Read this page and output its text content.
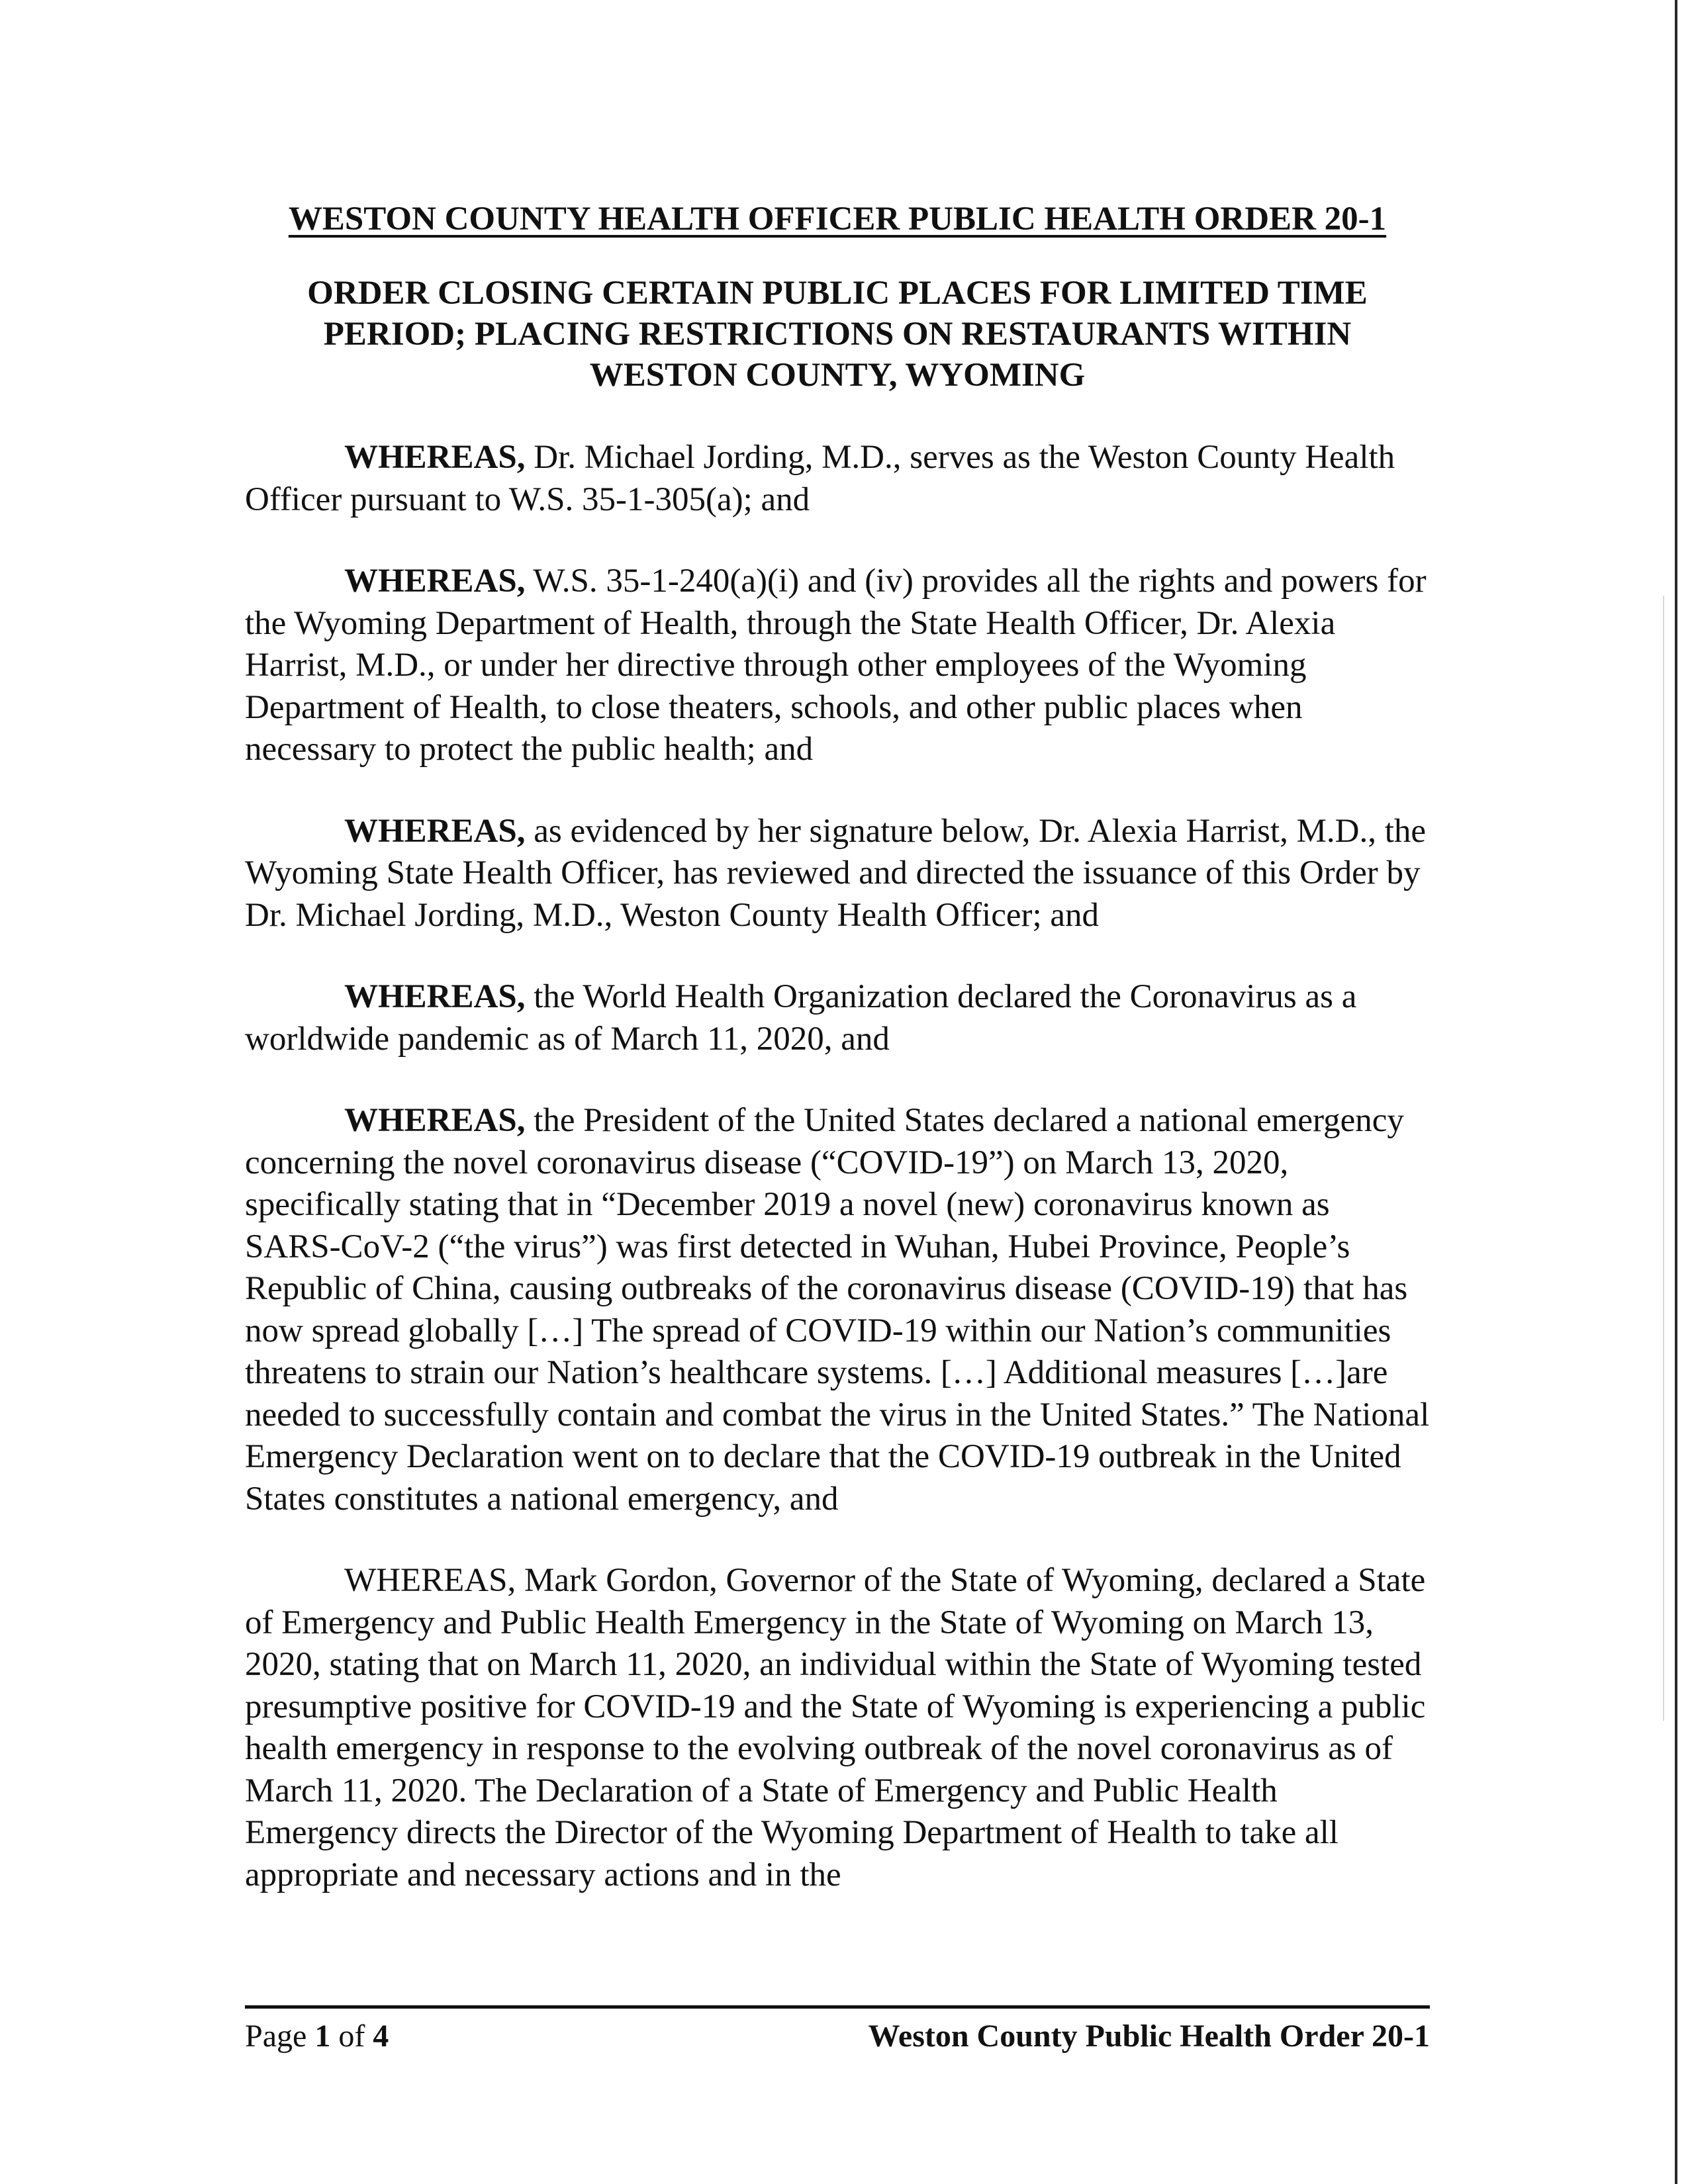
WESTON COUNTY HEALTH OFFICER PUBLIC HEALTH ORDER 20-1
ORDER CLOSING CERTAIN PUBLIC PLACES FOR LIMITED TIME
PERIOD; PLACING RESTRICTIONS ON RESTAURANTS WITHIN
WESTON COUNTY, WYOMING

WHEREAS, Dr. Michael Jording, M.D., serves as the Weston County Health Officer pursuant to W.S. 35-1-305(a); and

WHEREAS, W.S. 35-1-240(a)(i) and (iv) provides all the rights and powers for the Wyoming Department of Health, through the State Health Officer, Dr. Alexia Harrist, M.D., or under her directive through other employees of the Wyoming Department of Health, to close theaters, schools, and other public places when necessary to protect the public health; and

WHEREAS, as evidenced by her signature below, Dr. Alexia Harrist, M.D., the Wyoming State Health Officer, has reviewed and directed the issuance of this Order by Dr. Michael Jording, M.D., Weston County Health Officer; and

WHEREAS, the World Health Organization declared the Coronavirus as a worldwide pandemic as of March 11, 2020, and

WHEREAS, the President of the United States declared a national emergency concerning the novel coronavirus disease (“COVID-19”) on March 13, 2020, specifically stating that in “December 2019 a novel (new) coronavirus known as SARS-CoV-2 (“the virus”) was first detected in Wuhan, Hubei Province, People’s Republic of China, causing outbreaks of the coronavirus disease (COVID-19) that has now spread globally […] The spread of COVID-19 within our Nation’s communities threatens to strain our Nation’s healthcare systems. […] Additional measures […]are needed to successfully contain and combat the virus in the United States.” The National Emergency Declaration went on to declare that the COVID-19 outbreak in the United States constitutes a national emergency, and

WHEREAS, Mark Gordon, Governor of the State of Wyoming, declared a State of Emergency and Public Health Emergency in the State of Wyoming on March 13, 2020, stating that on March 11, 2020, an individual within the State of Wyoming tested presumptive positive for COVID-19 and the State of Wyoming is experiencing a public health emergency in response to the evolving outbreak of the novel coronavirus as of March 11, 2020. The Declaration of a State of Emergency and Public Health Emergency directs the Director of the Wyoming Department of Health to take all appropriate and necessary actions and in the

Page 1 of 4	Weston County Public Health Order 20-1
